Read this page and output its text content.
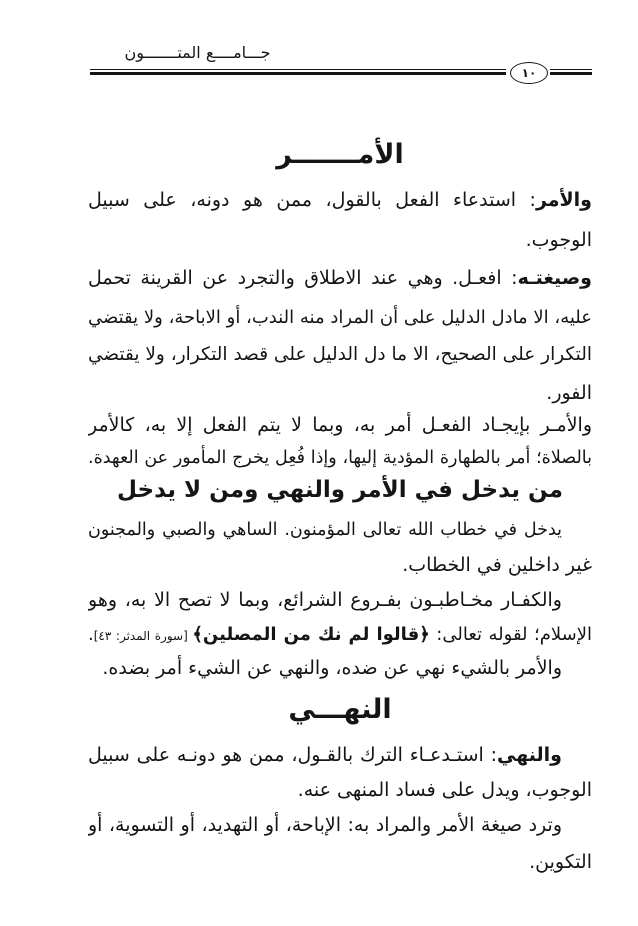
جـــامــــع المتـــــــون
١٠
الأمـــــــر
والأمر: استدعاء الفعل بالقول، ممن هو دونه، على سبيل
الوجوب.
وصيغتـه: افعـل. وهي عند الاطلاق والتجرد عن القرينة تحمل
عليه، الا مادل الدليل على أن المراد منه الندب، أو الاباحة، ولا يقتضي
التكرار على الصحيح، الا ما دل الدليل على قصد التكرار، ولا يقتضي
الفور.
والأمـر بإيجـاد الفعـل أمر به، وبما لا يتم الفعل إلا به، كالأمر
بالصلاة؛ أمر بالطهارة المؤدية إليها، وإذا فُعِل يخرج المأمور عن العهدة.
من يدخل في الأمر والنهي ومن لا يدخل
يدخل في خطاب الله تعالى المؤمنون. الساهي والصبي والمجنون
غير داخلين في الخطاب.
والكفـار مخـاطبـون بفـروع الشرائع، وبما لا تصح الا به، وهو
الإسلام؛ لقوله تعالى: ﴿قالوا لم نك من المصلين﴾ [سورة المدثر: ٤٣].
والأمر بالشيء نهي عن ضده، والنهي عن الشيء أمر بضده.
النهـــي
والنهي: استـدعـاء الترك بالقـول، ممن هو دونـه على سبيل
الوجوب، ويدل على فساد المنهى عنه.
وترد صيغة الأمر والمراد به: الإباحة، أو التهديد، أو التسوية، أو
التكوين.
